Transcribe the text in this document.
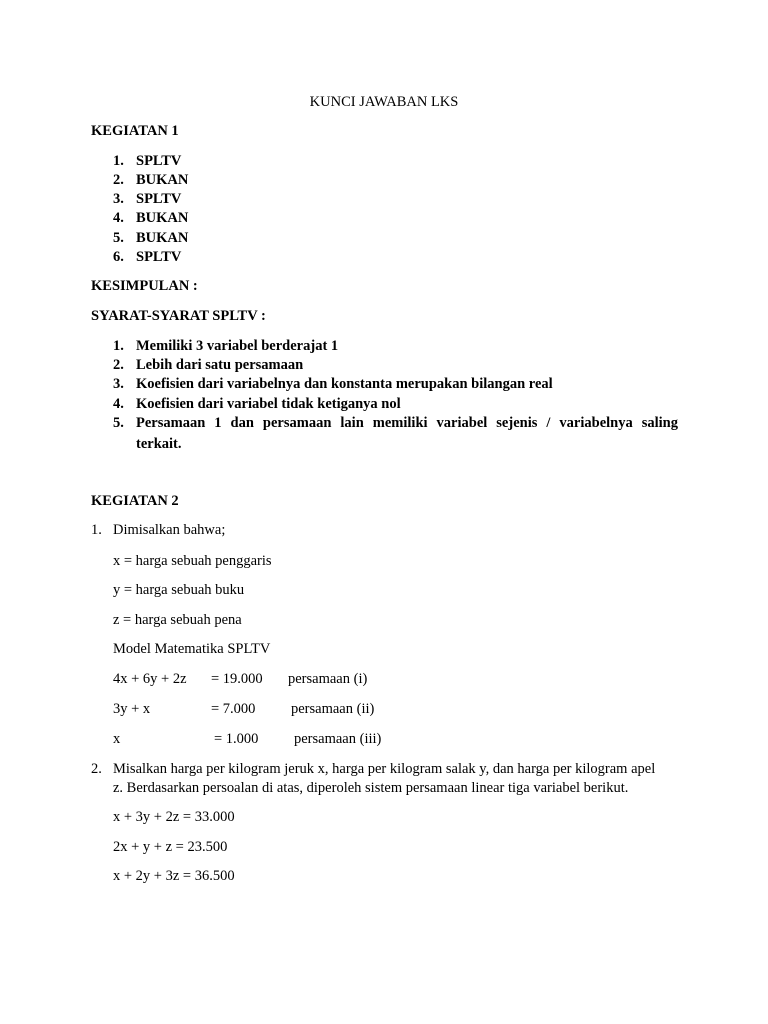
KUNCI JAWABAN LKS
KEGIATAN 1
1. SPLTV
2. BUKAN
3. SPLTV
4. BUKAN
5. BUKAN
6. SPLTV
KESIMPULAN :
SYARAT-SYARAT SPLTV :
1. Memiliki 3 variabel berderajat 1
2. Lebih dari satu persamaan
3. Koefisien dari variabelnya dan konstanta merupakan bilangan real
4. Koefisien dari variabel tidak ketiganya nol
5. Persamaan 1 dan persamaan lain memiliki variabel sejenis / variabelnya saling
terkait.
KEGIATAN 2
1. Dimisalkan bahwa;
x = harga sebuah penggaris
y = harga sebuah buku
z = harga sebuah pena
Model Matematika SPLTV
4x + 6y + 2z = 19.000 persamaan (i)
3y + x	= 7.000 persamaan (ii)
x	= 1.000 persamaan (iii)
2. Misalkan harga per kilogram jeruk x, harga per kilogram salak y, dan harga per kilogram apel
z. Berdasarkan persoalan di atas, diperoleh sistem persamaan linear tiga variabel berikut.
x + 3y + 2z = 33.000
2x + y + z = 23.500
x + 2y + 3z = 36.500
